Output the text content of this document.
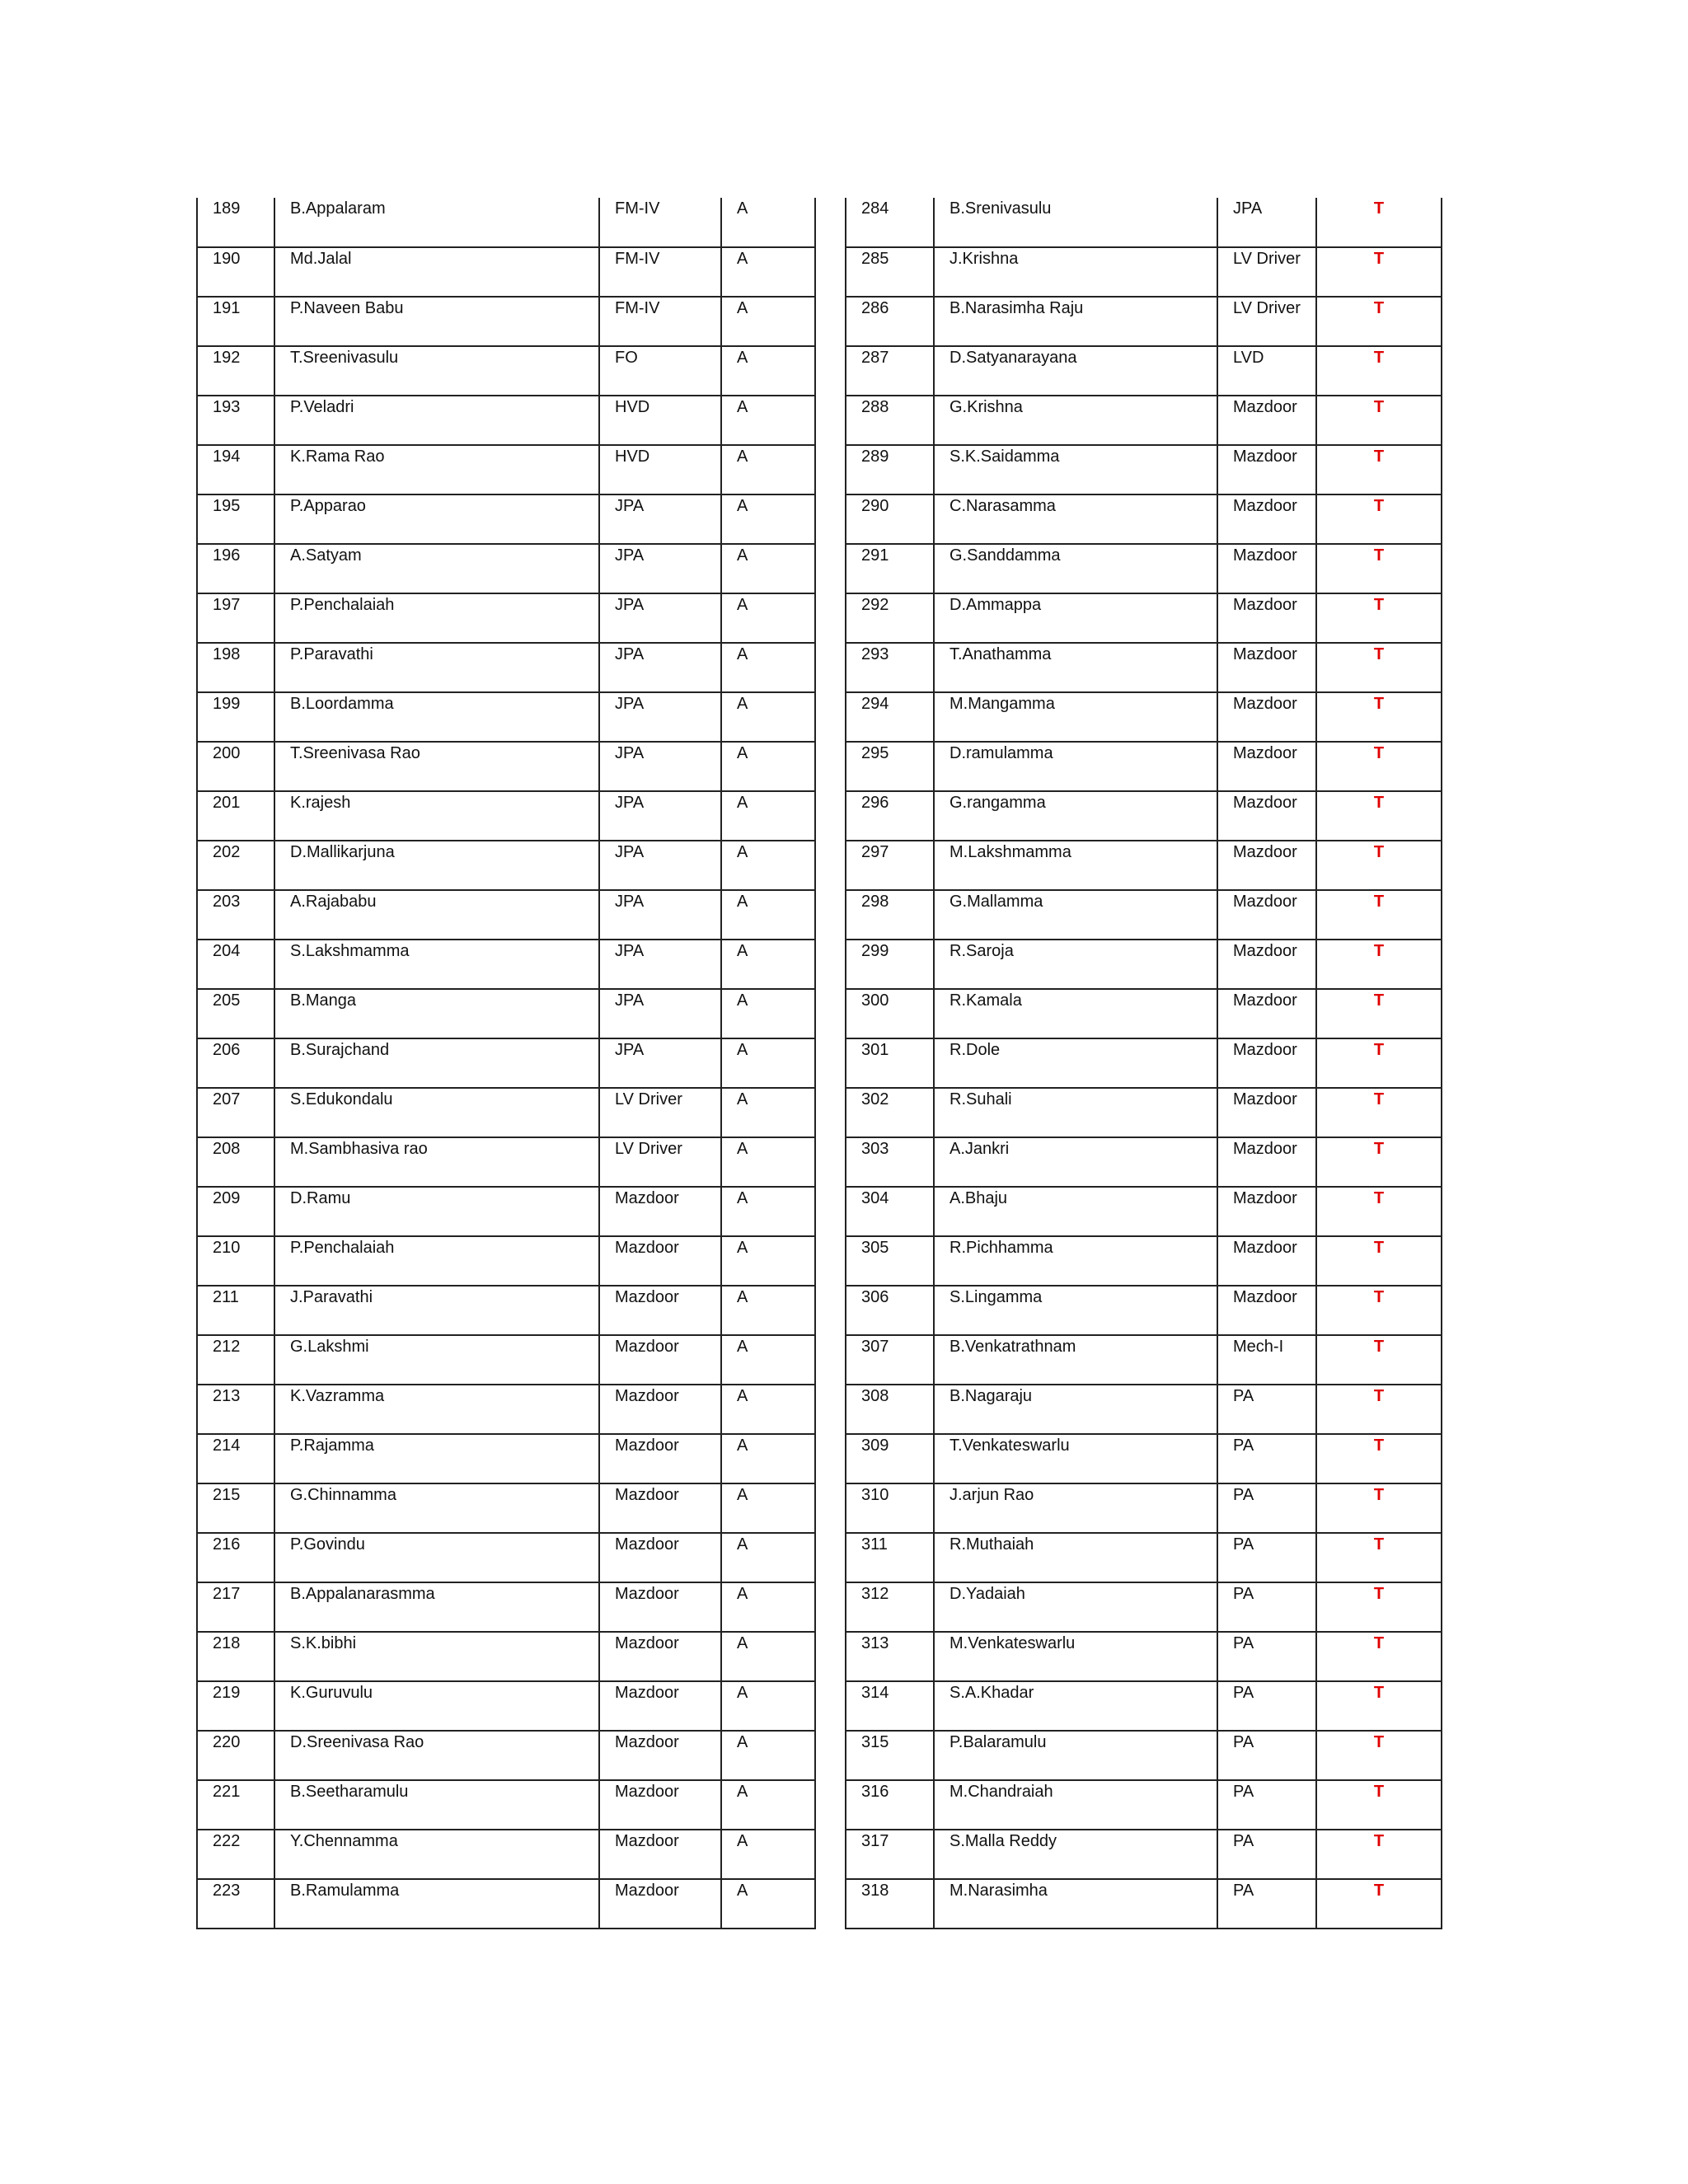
189	B.Appalaram	FM-IV	A
190	Md.Jalal	FM-IV	A
191	P.Naveen Babu	FM-IV	A
192	T.Sreenivasulu	FO	A
193	P.Veladri	HVD	A
194	K.Rama Rao	HVD	A
195	P.Apparao	JPA	A
196	A.Satyam	JPA	A
197	P.Penchalaiah	JPA	A
198	P.Paravathi	JPA	A
199	B.Loordamma	JPA	A
200	T.Sreenivasa Rao	JPA	A
201	K.rajesh	JPA	A
202	D.Mallikarjuna	JPA	A
203	A.Rajababu	JPA	A
204	S.Lakshmamma	JPA	A
205	B.Manga	JPA	A
206	B.Surajchand	JPA	A
207	S.Edukondalu	LV Driver	A
208	M.Sambhasiva rao	LV Driver	A
209	D.Ramu	Mazdoor	A
210	P.Penchalaiah	Mazdoor	A
211	J.Paravathi	Mazdoor	A
212	G.Lakshmi	Mazdoor	A
213	K.Vazramma	Mazdoor	A
214	P.Rajamma	Mazdoor	A
215	G.Chinnamma	Mazdoor	A
216	P.Govindu	Mazdoor	A
217	B.Appalanarasmma	Mazdoor	A
218	S.K.bibhi	Mazdoor	A
219	K.Guruvulu	Mazdoor	A
220	D.Sreenivasa Rao	Mazdoor	A
221	B.Seetharamulu	Mazdoor	A
222	Y.Chennamma	Mazdoor	A
223	B.Ramulamma	Mazdoor	A
284	B.Srenivasulu	JPA	T
285	J.Krishna	LV Driver	T
286	B.Narasimha Raju	LV Driver	T
287	D.Satyanarayana	LVD	T
288	G.Krishna	Mazdoor	T
289	S.K.Saidamma	Mazdoor	T
290	C.Narasamma	Mazdoor	T
291	G.Sanddamma	Mazdoor	T
292	D.Ammappa	Mazdoor	T
293	T.Anathamma	Mazdoor	T
294	M.Mangamma	Mazdoor	T
295	D.ramulamma	Mazdoor	T
296	G.rangamma	Mazdoor	T
297	M.Lakshmamma	Mazdoor	T
298	G.Mallamma	Mazdoor	T
299	R.Saroja	Mazdoor	T
300	R.Kamala	Mazdoor	T
301	R.Dole	Mazdoor	T
302	R.Suhali	Mazdoor	T
303	A.Jankri	Mazdoor	T
304	A.Bhaju	Mazdoor	T
305	R.Pichhamma	Mazdoor	T
306	S.Lingamma	Mazdoor	T
307	B.Venkatrathnam	Mech-I	T
308	B.Nagaraju	PA	T
309	T.Venkateswarlu	PA	T
310	J.arjun Rao	PA	T
311	R.Muthaiah	PA	T
312	D.Yadaiah	PA	T
313	M.Venkateswarlu	PA	T
314	S.A.Khadar	PA	T
315	P.Balaramulu	PA	T
316	M.Chandraiah	PA	T
317	S.Malla Reddy	PA	T
318	M.Narasimha	PA	T
